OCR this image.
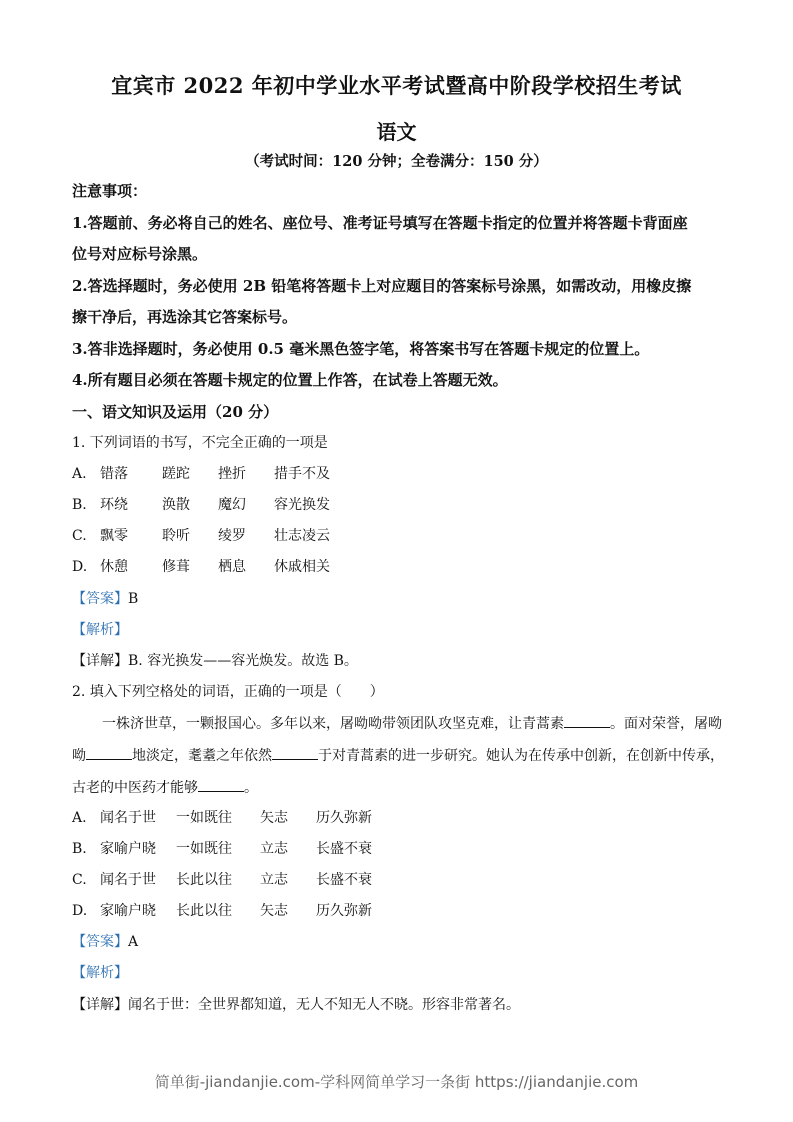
宜宾市 2022 年初中学业水平考试暨高中阶段学校招生考试
语文
（考试时间：120 分钟；全卷满分：150 分）
注意事项：
1.答题前、务必将自己的姓名、座位号、准考证号填写在答题卡指定的位置并将答题卡背面座
位号对应标号涂黑。
2.答选择题时，务必使用 2B 铅笔将答题卡上对应题目的答案标号涂黑，如需改动，用橡皮擦
擦干净后，再选涂其它答案标号。
3.答非选择题时，务必使用 0.5 毫米黑色签字笔，将答案书写在答题卡规定的位置上。
4.所有题目必须在答题卡规定的位置上作答，在试卷上答题无效。
一、语文知识及运用（20 分）
1. 下列词语的书写，不完全正确的一项是
A. 错落 蹉跎 挫折 措手不及
B. 环绕 涣散 魔幻 容光换发
C. 飘零 聆听 绫罗 壮志凌云
D. 休憩 修葺 栖息 休戚相关
【答案】B
【解析】
【详解】B. 容光换发——容光焕发。故选 B。
2. 填入下列空格处的词语，正确的一项是（　　）
一株济世草，一颗报国心。多年以来，屠呦呦带领团队攻坚克难，让青蒿素	。面对荣誉，屠呦
呦	地淡定，耄耋之年依然	于对青蒿素的进一步研究。她认为在传承中创新，在创新中传承，
古老的中医药才能够	。
A. 闻名于世 一如既往 矢志 历久弥新
B. 家喻户晓 一如既往 立志 长盛不衰
C. 闻名于世 长此以往 立志 长盛不衰
D. 家喻户晓 长此以往 矢志 历久弥新
【答案】A
【解析】
【详解】闻名于世：全世界都知道，无人不知无人不晓。形容非常著名。
简单街-jiandanjie.com-学科网简单学习一条街 https://jiandanjie.com
